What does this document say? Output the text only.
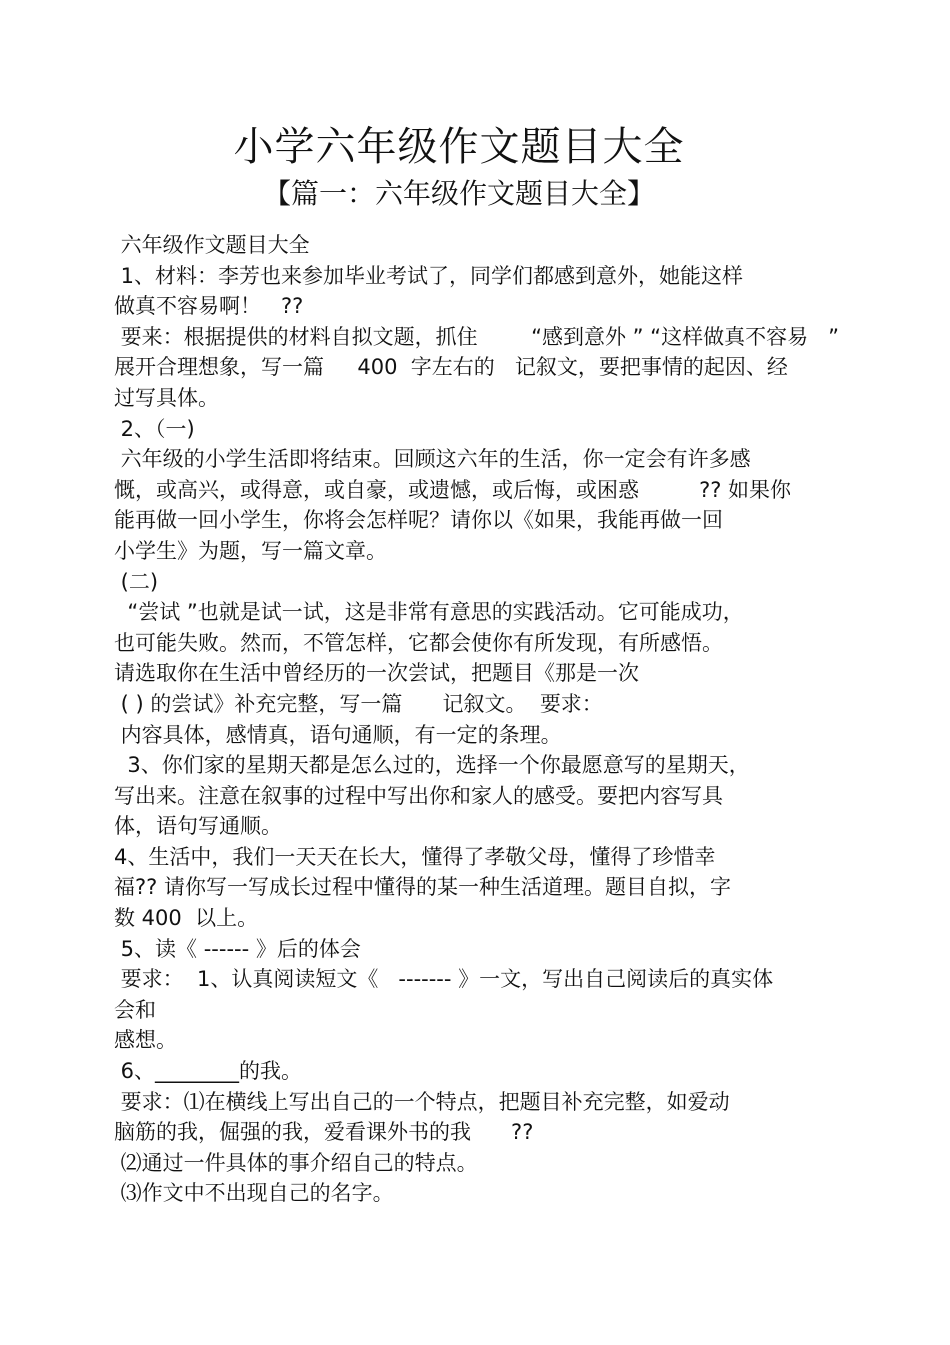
小学六年级作文题目大全
【篇一：六年级作文题目大全】
六年级作文题目大全
1、材料：李芳也来参加毕业考试了，同学们都感到意外，她能这样
做真不容易啊！   ??
要来：根据提供的材料自拟文题，抓住        “感到意外 ” “这样做真不容易   ”
展开合理想象，写一篇     400  字左右的   记叙文，要把事情的起因、经
过写具体。
2、（一)
六年级的小学生活即将结束。回顾这六年的生活，你一定会有许多感
慨，或高兴，或得意，或自豪，或遗憾，或后悔，或困惑         ?? 如果你
能再做一回小学生，你将会怎样呢？请你以《如果，我能再做一回
小学生》为题，写一篇文章。
(二)
“尝试 ”也就是试一试，这是非常有意思的实践活动。它可能成功，
也可能失败。然而，不管怎样，它都会使你有所发现，有所感悟。
请选取你在生活中曾经历的一次尝试，把题目《那是一次
( ) 的尝试》补充完整，写一篇      记叙文。  要求：
内容具体，感情真，语句通顺，有一定的条理。
3、你们家的星期天都是怎么过的，选择一个你最愿意写的星期天，
写出来。注意在叙事的过程中写出你和家人的感受。要把内容写具
体，语句写通顺。
4、生活中，我们一天天在长大，懂得了孝敬父母，懂得了珍惜幸
福?? 请你写一写成长过程中懂得的某一种生活道理。题目自拟，字
数 400  以上。
5、读《 ------ 》后的体会
要求：  1、认真阅读短文《   ------- 》一文，写出自己阅读后的真实体
会和
感想。
6、________的我。
要求：⑴在横线上写出自己的一个特点，把题目补充完整，如爱动
脑筋的我，倔强的我，爱看课外书的我      ??
⑵通过一件具体的事介绍自己的特点。
⑶作文中不出现自己的名字。
